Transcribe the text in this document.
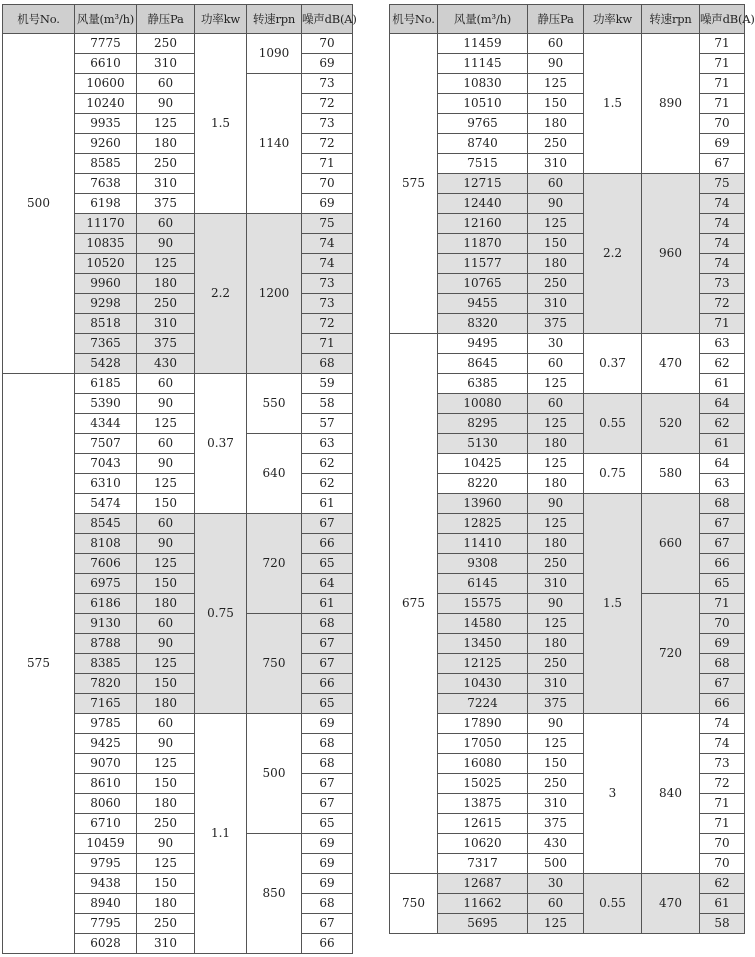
机号No.	风量(m³/h)	静压Pa	功率kw	转速rpn	噪声dB(A)
500	7775	250	1.5	1090	70
	6610	310			69
	10600	60		1140	73
	10240	90			72
	9935	125			73
	9260	180			72
	8585	250			71
	7638	310			70
	6198	375			69
	11170	60	2.2	1200	75
	10835	90			74
	10520	125			74
	9960	180			73
	9298	250			73
	8518	310			72
	7365	375			71
	5428	430			68
575	6185	60	0.37	550	59
	5390	90			58
	4344	125			57
	7507	60		640	63
	7043	90			62
	6310	125			62
	5474	150			61
	8545	60	0.75	720	67
	8108	90			66
	7606	125			65
	6975	150			64
	6186	180			61
	9130	60		750	68
	8788	90			67
	8385	125			67
	7820	150			66
	7165	180			65
	9785	60	1.1	500	69
	9425	90			68
	9070	125			68
	8610	150			67
	8060	180			67
	6710	250			65
	10459	90		850	69
	9795	125			69
	9438	150			69
	8940	180			68
	7795	250			67
	6028	310			66
机号No.	风量(m³/h)	静压Pa	功率kw	转速rpn	噪声dB(A)
575	11459	60	1.5	890	71
	11145	90			71
	10830	125			71
	10510	150			71
	9765	180			70
	8740	250			69
	7515	310			67
	12715	60	2.2	960	75
	12440	90			74
	12160	125			74
	11870	150			74
	11577	180			74
	10765	250			73
	9455	310			72
	8320	375			71
675	9495	30	0.37	470	63
	8645	60			62
	6385	125			61
	10080	60	0.55	520	64
	8295	125			62
	5130	180			61
	10425	125	0.75	580	64
	8220	180			63
	13960	90	1.5	660	68
	12825	125			67
	11410	180			67
	9308	250			66
	6145	310			65
	15575	90		720	71
	14580	125			70
	13450	180			69
	12125	250			68
	10430	310			67
	7224	375			66
	17890	90	3	840	74
	17050	125			74
	16080	150			73
	15025	250			72
	13875	310			71
	12615	375			71
	10620	430			70
	7317	500			70
750	12687	30	0.55	470	62
	11662	60			61
	5695	125			58
